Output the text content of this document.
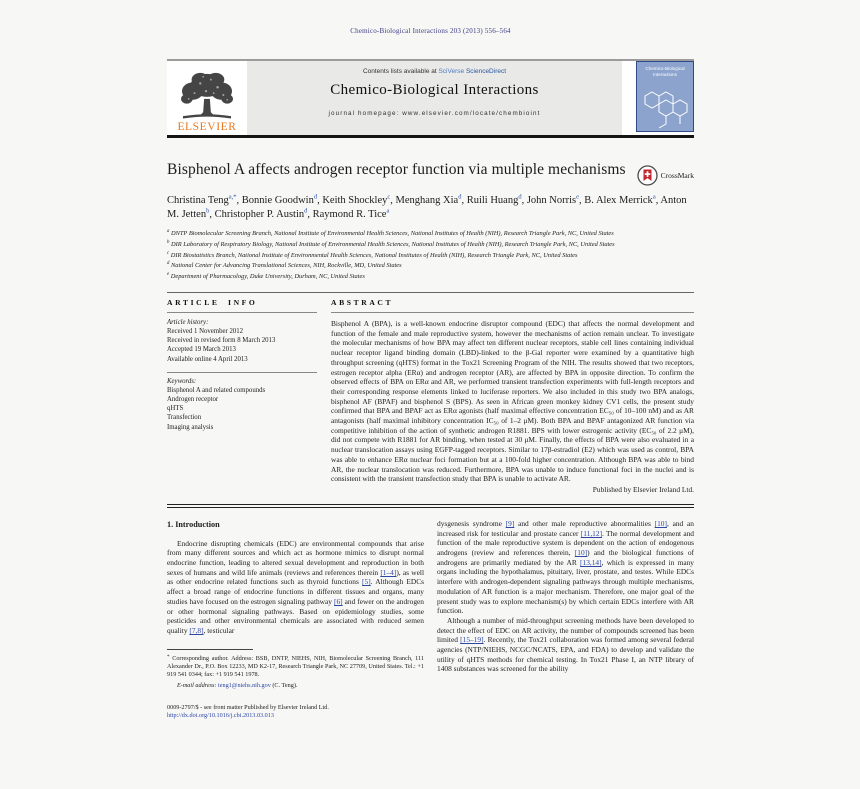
Chemico-Biological Interactions 203 (2013) 556–564
ELSEVIER
Contents lists available at SciVerse ScienceDirect
Chemico-Biological Interactions
journal homepage: www.elsevier.com/locate/chembioint
Chemico-Biological Interactions
Bisphenol A affects androgen receptor function via multiple mechanisms	CrossMark
Christina Teng$^{a,*}$, Bonnie Goodwin$^d$, Keith Shockley$^c$, Menghang Xia$^d$, Ruili Huang$^d$, John Norris$^e$, B. Alex Merrick$^a$, Anton M. Jetten$^b$, Christopher P. Austin$^d$, Raymond R. Tice$^a$
$^a$ DNTP Biomolecular Screening Branch, National Institute of Environmental Health Sciences, National Institutes of Health (NIH), Research Triangle Park, NC, United States
$^b$ DIR Laboratory of Respiratory Biology, National Institute of Environmental Health Sciences, National Institutes of Health (NIH), Research Triangle Park, NC, United States
$^c$ DIR Biostatistics Branch, National Institute of Environmental Health Sciences, National Institutes of Health (NIH), Research Triangle Park, NC, United States
$^d$ National Center for Advancing Translational Sciences, NIH, Rockville, MD, United States
$^e$ Department of Pharmacology, Duke University, Durham, NC, United States
ARTICLE INFO

Article history:

Received 1 November 2012
Received in revised form 8 March 2013
Accepted 19 March 2013
Available online 4 April 2013

Keywords:

Bisphenol A and related compounds
Androgen receptor
qHTS
Transfection
Imaging analysis
ABSTRACT

Bisphenol A (BPA), is a well-known endocrine disruptor compound (EDC) that affects the normal development and function of the female and male reproductive system, however the mechanisms of action remain unclear. To investigate the molecular mechanisms of how BPA may affect ten different nuclear receptors, stable cell lines containing individual nuclear receptor ligand binding domain (LBD)-linked to the β-Gal reporter were examined by a quantitative high throughput screening (qHTS) format in the Tox21 Screening Program of the NIH. The results showed that two receptors, estrogen receptor alpha (ERα) and androgen receptor (AR), are affected by BPA in opposite direction. To confirm the observed effects of BPA on ERα and AR, we performed transient transfection experiments with full-length receptors and their corresponding response elements linked to luciferase reporters. We also included in this study two BPA analogs, bisphenol AF (BPAF) and bisphenol S (BPS). As seen in African green monkey kidney CV1 cells, the present study confirmed that BPA and BPAF act as ERα agonists (half maximal effective concentration EC₅₀ of 10–100 nM) and as AR antagonists (half maximal inhibitory concentration IC₅₀ of 1–2 μM). Both BPA and BPAF antagonized AR function via competitive inhibition of the action of synthetic androgen R1881. BPS with lower estrogenic activity (EC₅₀ of 2.2 μM), did not compete with R1881 for AR binding, when tested at 30 μM. Finally, the effects of BPA were also evaluated in a nuclear translocation assays using EGFP-tagged receptors. Similar to 17β-estradiol (E2) which was used as control, BPA was able to enhance ERα nuclear foci formation but at a 100-fold higher concentration. Although BPA was able to bind AR, the nuclear translocation was reduced. Furthermore, BPA was unable to induce functional foci in the nuclei and is consistent with the transient transfection study that BPA is unable to activate AR.

Published by Elsevier Ireland Ltd.
1. Introduction

Endocrine disrupting chemicals (EDC) are environmental compounds that arise from many different sources and which act as hormone mimics to disrupt normal endocrine function, leading to altered sexual development and reproduction in both sexes of humans and wild life animals (reviews and references therein [1–4]), as well as other endocrine related functions such as thyroid functions [5]. Although EDCs affect a broad range of endocrine functions in different tissues and organs, many studies have focused on the estrogen signaling pathway [6] and fewer on the androgen or other hormonal signaling pathways. Based on epidemiology studies, some pesticides and other environmental chemicals are associated with reduced semen quality [7,8], testicular

* Corresponding author. Address: BSB, DNTP, NIEHS, NIH, Biomolecular Screening Branch, 111 Alexander Dr., P.O. Box 12233, MD K2-17, Research Triangle Park, NC 27709, United States. Tel.: +1 919 541 0344; fax: +1 919 541 1978.

E-mail address: teng1@niehs.nih.gov (C. Teng).

0009-2797/$ - see front matter Published by Elsevier Ireland Ltd.
http://dx.doi.org/10.1016/j.cbi.2013.03.013

dysgenesis syndrome [9] and other male reproductive abnormalities [10], and an increased risk for testicular and prostate cancer [11,12]. The normal development and function of the male reproductive system is dependent on the action of endogenous androgens (review and references therein, [10]) and the biological functions of androgens are primarily mediated by the AR [13,14], which is expressed in many organs including the hypothalamus, pituitary, liver, prostate, and testes. While EDCs interfere with androgen-dependent signaling pathways through multiple mechanisms, modulation of AR function is a major mechanism. Therefore, one major goal of the present study was to explore mechanism(s) by which certain EDCs interfere with AR function.

Although a number of mid-throughput screening methods have been developed to detect the effect of EDC on AR activity, the number of compounds screened has been limited [15–19]. Recently, the Tox21 collaboration was formed among several federal agencies (NTP/NIEHS, NCGC/NCATS, EPA, and FDA) to develop and validate the utility of qHTS methods for chemical testing. In Tox21 Phase I, an NTP library of 1408 substances was screened for the ability
